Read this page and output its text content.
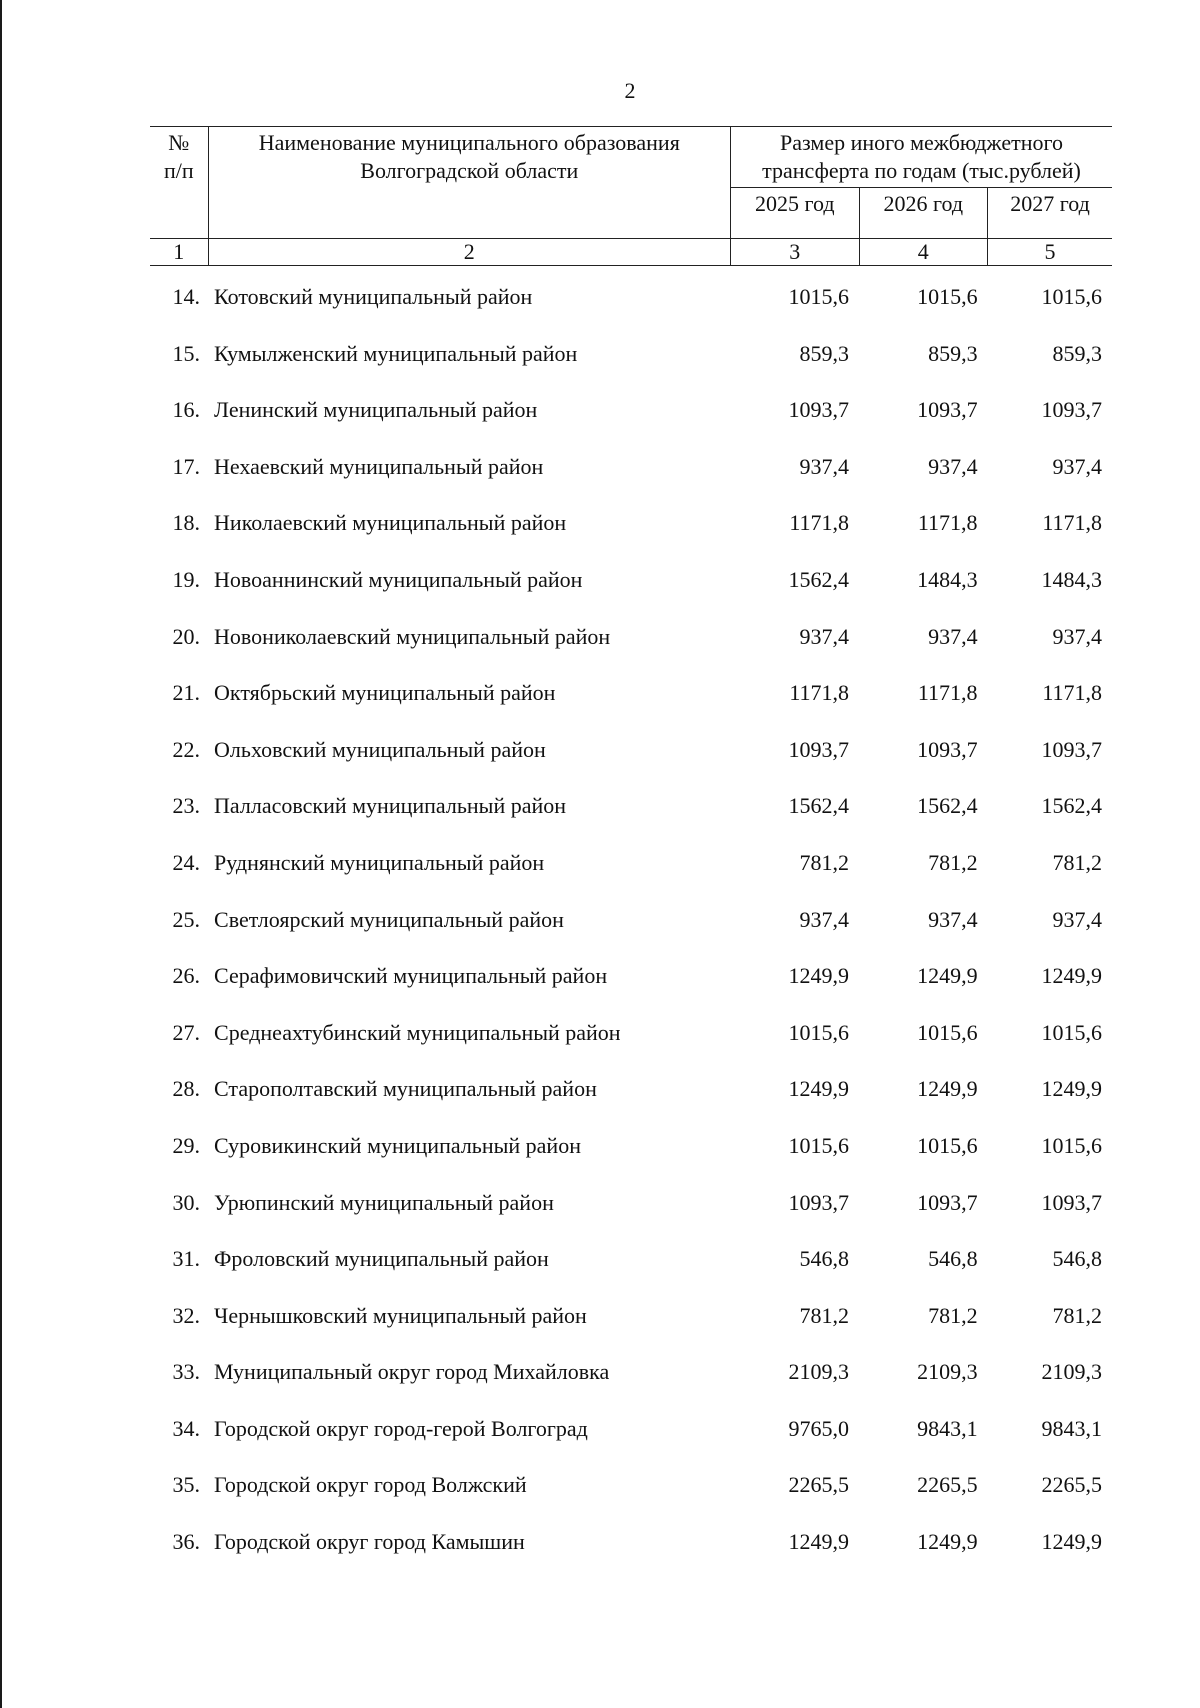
2
№
п/п	Наименование муниципального образования Волгоградской области	Размер иного межбюджетного трансферта по годам (тыс.рублей)		
		2025 год	2026 год	2027 год
1	2	3	4	5
14.	Котовский муниципальный район	1015,6	1015,6	1015,6
15.	Кумылженский муниципальный район	859,3	859,3	859,3
16.	Ленинский муниципальный район	1093,7	1093,7	1093,7
17.	Нехаевский муниципальный район	937,4	937,4	937,4
18.	Николаевский муниципальный район	1171,8	1171,8	1171,8
19.	Новоаннинский муниципальный район	1562,4	1484,3	1484,3
20.	Новониколаевский муниципальный район	937,4	937,4	937,4
21.	Октябрьский муниципальный район	1171,8	1171,8	1171,8
22.	Ольховский муниципальный район	1093,7	1093,7	1093,7
23.	Палласовский муниципальный район	1562,4	1562,4	1562,4
24.	Руднянский муниципальный район	781,2	781,2	781,2
25.	Светлоярский муниципальный район	937,4	937,4	937,4
26.	Серафимовичский муниципальный район	1249,9	1249,9	1249,9
27.	Среднеахтубинский муниципальный район	1015,6	1015,6	1015,6
28.	Старополтавский муниципальный район	1249,9	1249,9	1249,9
29.	Суровикинский муниципальный район	1015,6	1015,6	1015,6
30.	Урюпинский муниципальный район	1093,7	1093,7	1093,7
31.	Фроловский муниципальный район	546,8	546,8	546,8
32.	Чернышковский муниципальный район	781,2	781,2	781,2
33.	Муниципальный округ город Михайловка	2109,3	2109,3	2109,3
34.	Городской округ город-герой Волгоград	9765,0	9843,1	9843,1
35.	Городской округ город Волжский	2265,5	2265,5	2265,5
36.	Городской округ город Камышин	1249,9	1249,9	1249,9
